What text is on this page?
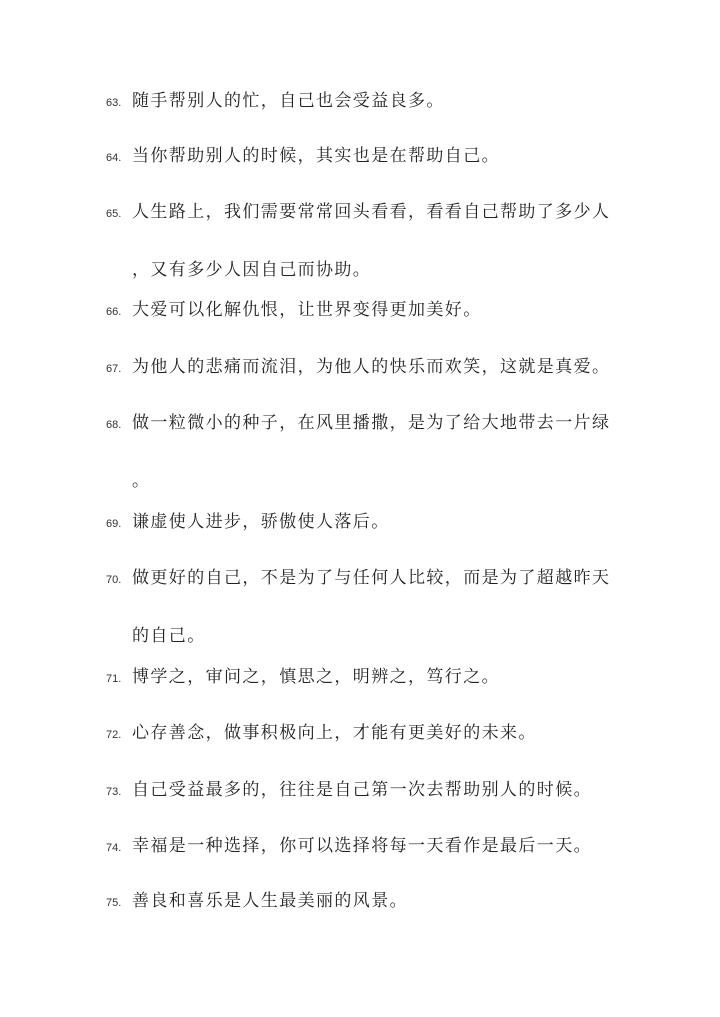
63. 随手帮别人的忙，自己也会受益良多。
64. 当你帮助别人的时候，其实也是在帮助自己。
65. 人生路上，我们需要常常回头看看，看看自己帮助了多少人
，又有多少人因自己而协助。
66. 大爱可以化解仇恨，让世界变得更加美好。
67. 为他人的悲痛而流泪，为他人的快乐而欢笑，这就是真爱。
68. 做一粒微小的种子，在风里播撒，是为了给大地带去一片绿
。
69. 谦虚使人进步，骄傲使人落后。
70. 做更好的自己，不是为了与任何人比较，而是为了超越昨天
的自己。
71. 博学之，审问之，慎思之，明辨之，笃行之。
72. 心存善念，做事积极向上，才能有更美好的未来。
73. 自己受益最多的，往往是自己第一次去帮助别人的时候。
74. 幸福是一种选择，你可以选择将每一天看作是最后一天。
75. 善良和喜乐是人生最美丽的风景。
